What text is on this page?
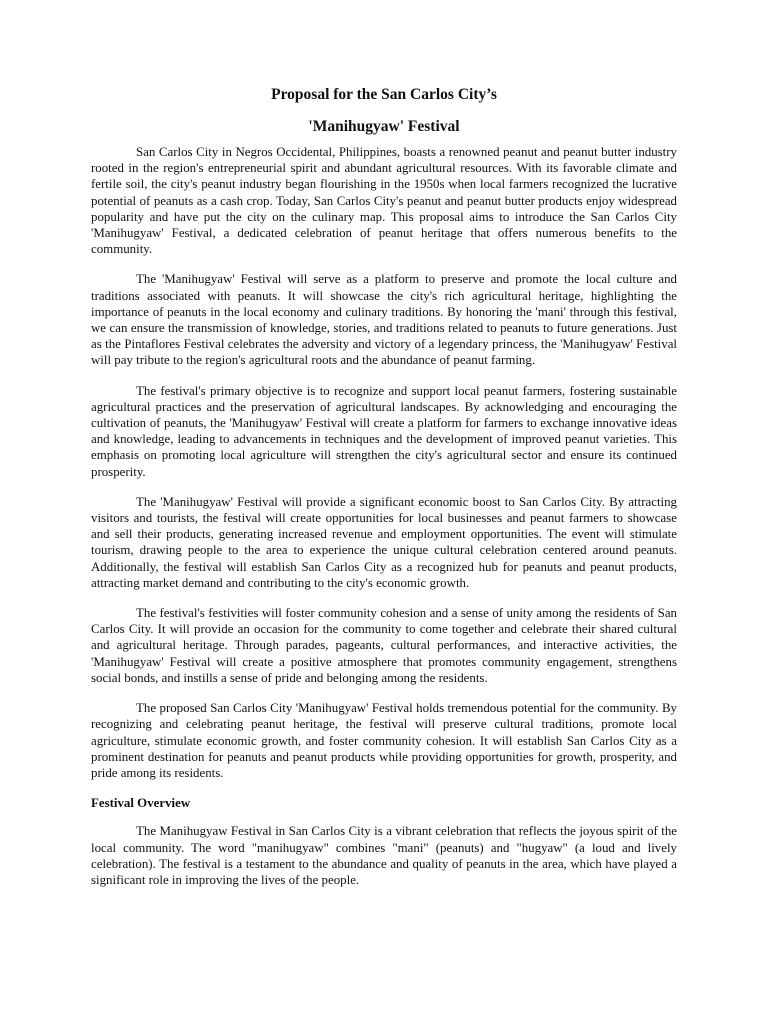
Proposal for the San Carlos City’s
'Manihugyaw' Festival

San Carlos City in Negros Occidental, Philippines, boasts a renowned peanut and peanut butter industry rooted in the region's entrepreneurial spirit and abundant agricultural resources. With its favorable climate and fertile soil, the city's peanut industry began flourishing in the 1950s when local farmers recognized the lucrative potential of peanuts as a cash crop. Today, San Carlos City's peanut and peanut butter products enjoy widespread popularity and have put the city on the culinary map. This proposal aims to introduce the San Carlos City 'Manihugyaw' Festival, a dedicated celebration of peanut heritage that offers numerous benefits to the community.

The 'Manihugyaw' Festival will serve as a platform to preserve and promote the local culture and traditions associated with peanuts. It will showcase the city's rich agricultural heritage, highlighting the importance of peanuts in the local economy and culinary traditions. By honoring the 'mani' through this festival, we can ensure the transmission of knowledge, stories, and traditions related to peanuts to future generations. Just as the Pintaflores Festival celebrates the adversity and victory of a legendary princess, the 'Manihugyaw' Festival will pay tribute to the region's agricultural roots and the abundance of peanut farming.

The festival's primary objective is to recognize and support local peanut farmers, fostering sustainable agricultural practices and the preservation of agricultural landscapes. By acknowledging and encouraging the cultivation of peanuts, the 'Manihugyaw' Festival will create a platform for farmers to exchange innovative ideas and knowledge, leading to advancements in techniques and the development of improved peanut varieties. This emphasis on promoting local agriculture will strengthen the city's agricultural sector and ensure its continued prosperity.

The 'Manihugyaw' Festival will provide a significant economic boost to San Carlos City. By attracting visitors and tourists, the festival will create opportunities for local businesses and peanut farmers to showcase and sell their products, generating increased revenue and employment opportunities. The event will stimulate tourism, drawing people to the area to experience the unique cultural celebration centered around peanuts. Additionally, the festival will establish San Carlos City as a recognized hub for peanuts and peanut products, attracting market demand and contributing to the city's economic growth.

The festival's festivities will foster community cohesion and a sense of unity among the residents of San Carlos City. It will provide an occasion for the community to come together and celebrate their shared cultural and agricultural heritage. Through parades, pageants, cultural performances, and interactive activities, the 'Manihugyaw' Festival will create a positive atmosphere that promotes community engagement, strengthens social bonds, and instills a sense of pride and belonging among the residents.

The proposed San Carlos City 'Manihugyaw' Festival holds tremendous potential for the community. By recognizing and celebrating peanut heritage, the festival will preserve cultural traditions, promote local agriculture, stimulate economic growth, and foster community cohesion. It will establish San Carlos City as a prominent destination for peanuts and peanut products while providing opportunities for growth, prosperity, and pride among its residents.

Festival Overview

The Manihugyaw Festival in San Carlos City is a vibrant celebration that reflects the joyous spirit of the local community. The word "manihugyaw" combines "mani" (peanuts) and "hugyaw" (a loud and lively celebration). The festival is a testament to the abundance and quality of peanuts in the area, which have played a significant role in improving the lives of the people.
